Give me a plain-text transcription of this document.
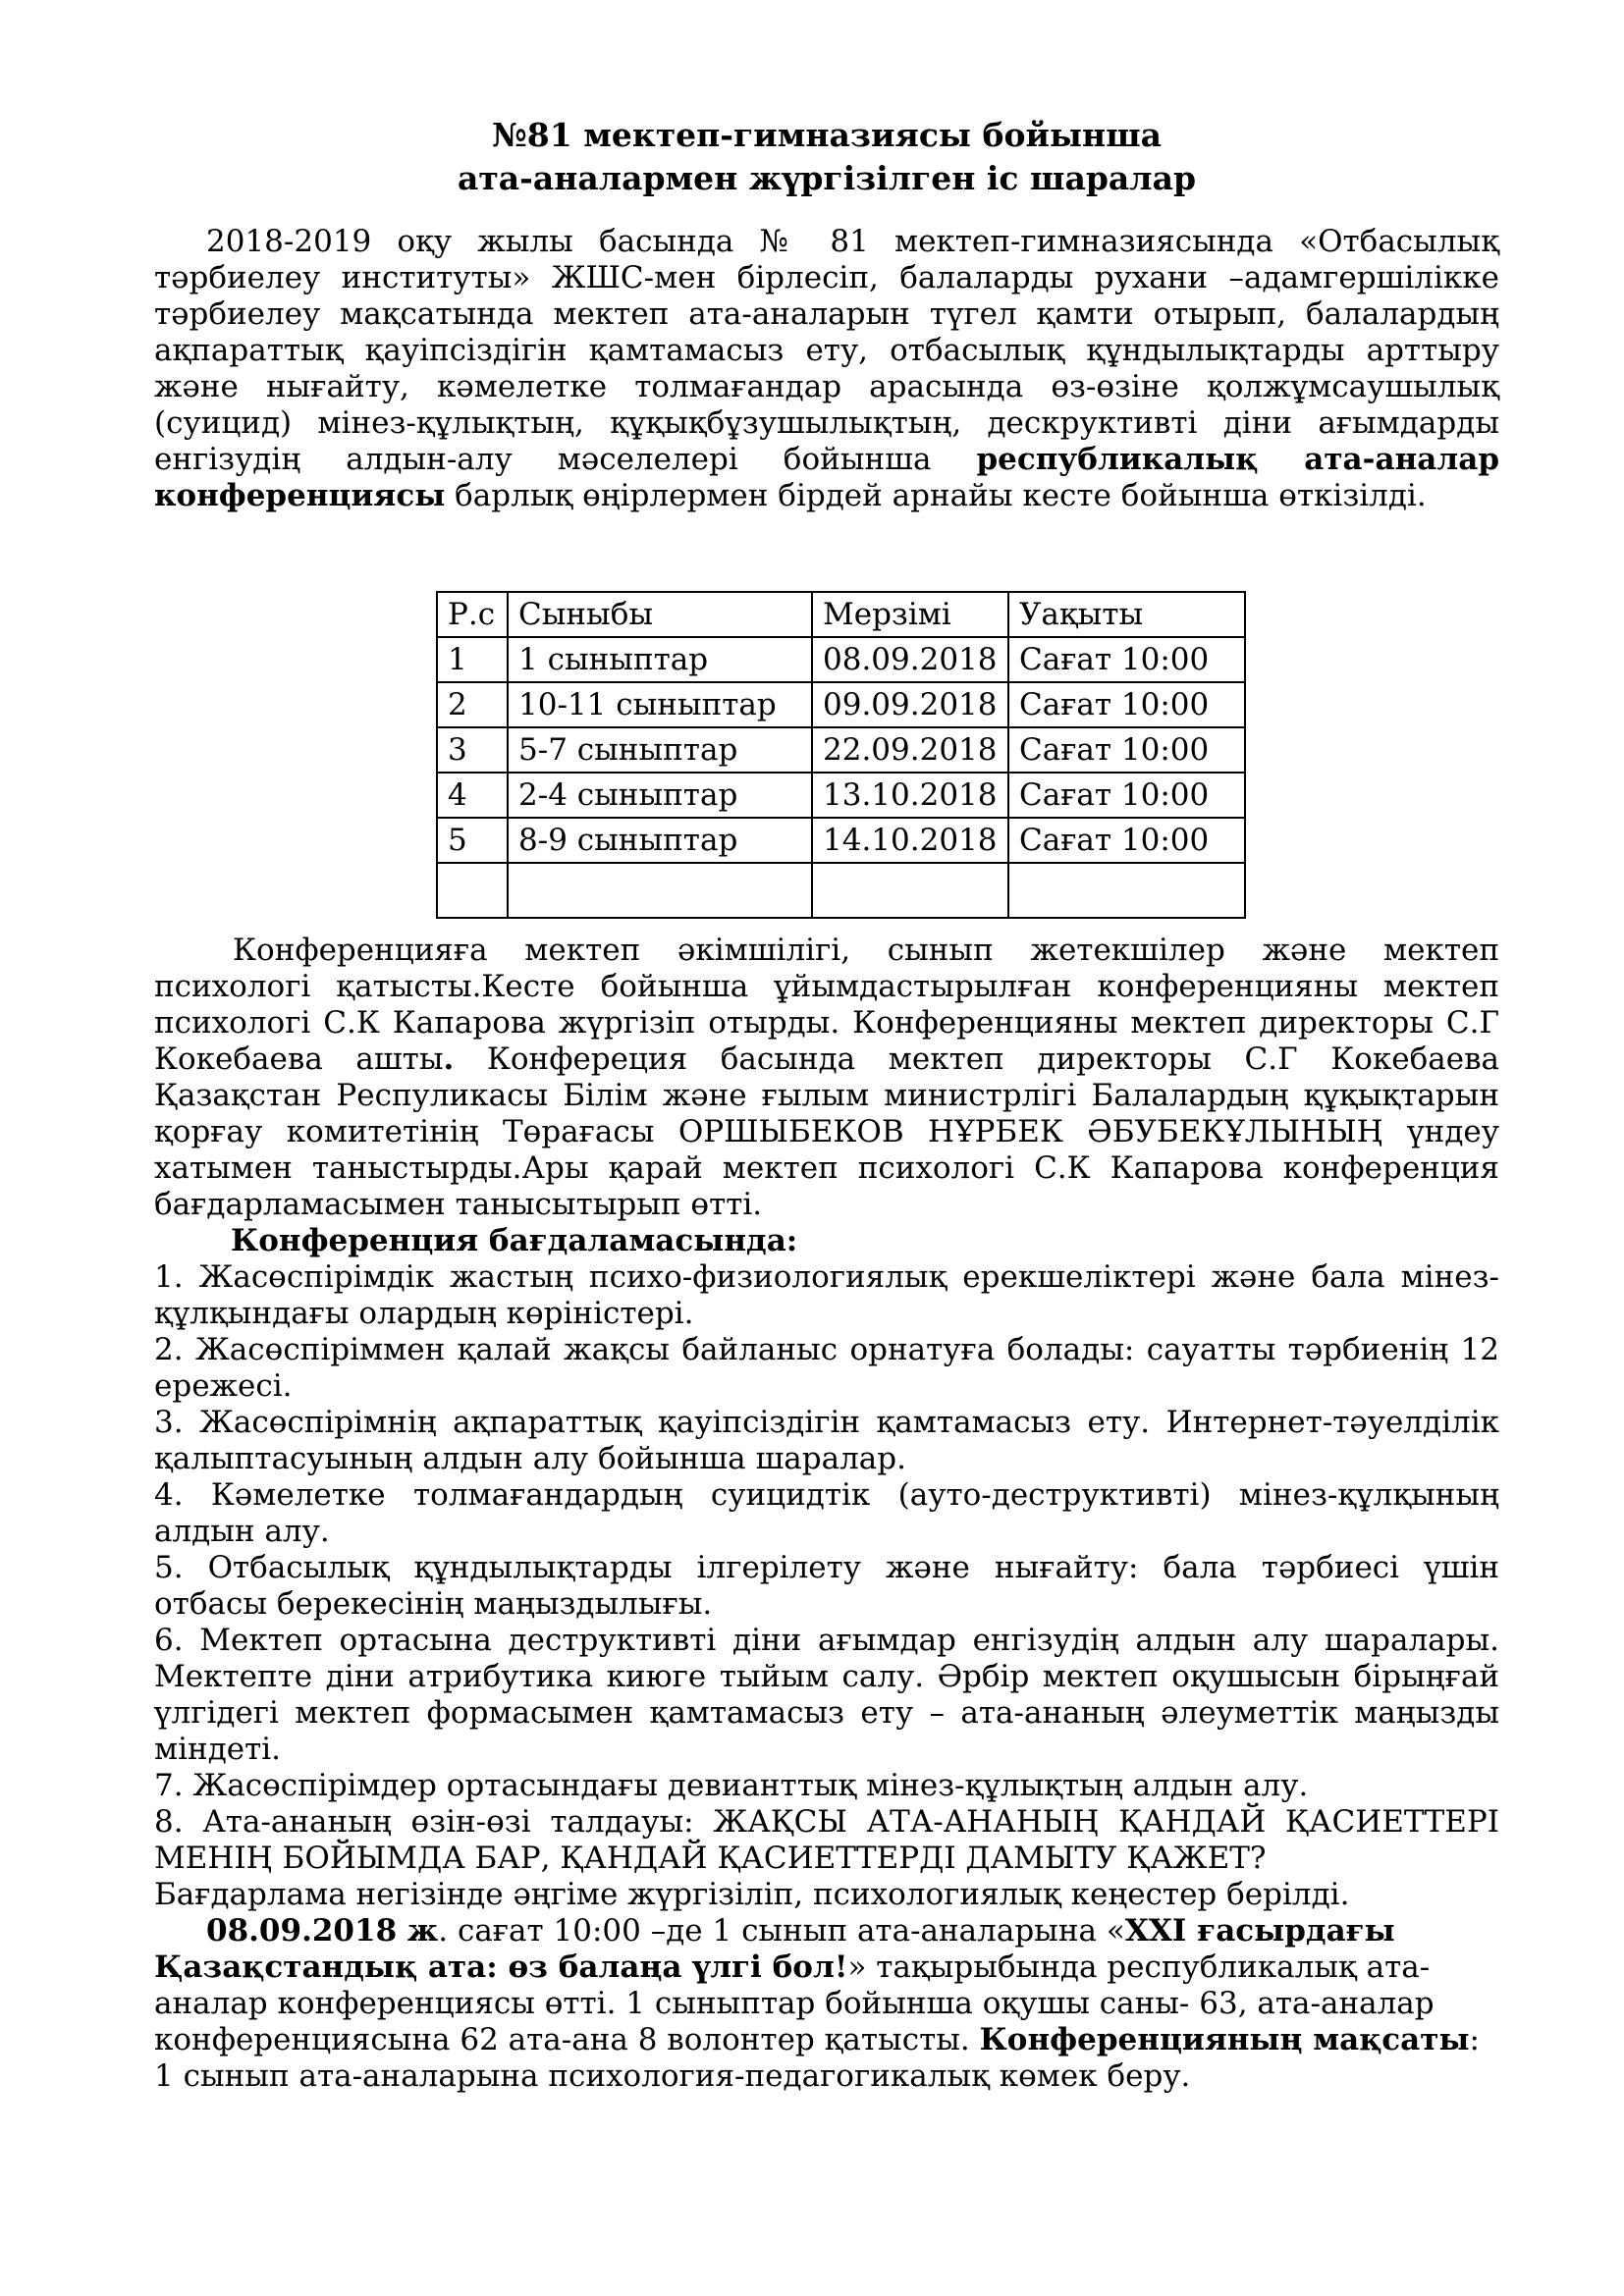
№81 мектеп-гимназиясы бойынша
ата-аналармен жүргізілген іс шаралар

2018-2019 оқу жылы басында № 81 мектеп-гимназиясында «Отбасылық тәрбиелеу институты» ЖШС-мен бірлесіп, балаларды рухани –адамгершілікке тәрбиелеу мақсатында мектеп ата-аналарын түгел қамти отырып, балалардың ақпараттық қауіпсіздігін қамтамасыз ету, отбасылық құндылықтарды арттыру және нығайту, кәмелетке толмағандар арасында өз-өзіне қолжұмсаушылық (суицид) мінез-құлықтың, құқықбұзушылықтың, дескруктивті діни ағымдарды енгізудің алдын-алу мәселелері бойынша республикалық ата-аналар конференциясы барлық өңірлермен бірдей арнайы кесте бойынша өткізілді.

Р.с	Сыныбы	Мерзімі	Уақыты
1	1 сыныптар	08.09.2018	Сағат 10:00
2	10-11 сыныптар	09.09.2018	Сағат 10:00
3	5-7 сыныптар	22.09.2018	Сағат 10:00
4	2-4 сыныптар	13.10.2018	Сағат 10:00
5	8-9 сыныптар	14.10.2018	Сағат 10:00

Конференцияға мектеп әкімшілігі, сынып жетекшілер және мектеп психологі қатысты.Кесте бойынша ұйымдастырылған конференцияны мектеп психологі С.К Капарова жүргізіп отырды. Конференцияны мектеп директоры С.Г Кокебаева ашты. Конфереция басында мектеп директоры С.Г Кокебаева Қазақстан Респуликасы Білім және ғылым министрлігі Балалардың құқықтарын қорғау комитетінің Төрағасы ОРШЫБЕКОВ НҰРБЕК ӘБУБЕКҰЛЫНЫҢ үндеу хатымен таныстырды.Ары қарай мектеп психологі С.К Капарова конференция бағдарламасымен танысытырып өтті.

Конференция бағдаламасында:

1. Жасөспірімдік жастың психо-физиологиялық ерекшеліктері және бала мінез-құлқындағы олардың көріністері.

2. Жасөспіріммен қалай жақсы байланыс орнатуға болады: сауатты тәрбиенің 12 ережесі.

3. Жасөспірімнің ақпараттық қауіпсіздігін қамтамасыз ету. Интернет-тәуелділік қалыптасуының алдын алу бойынша шаралар.

4. Кәмелетке толмағандардың суицидтік (ауто-деструктивті) мінез-құлқының алдын алу.

5. Отбасылық құндылықтарды ілгерілету және нығайту: бала тәрбиесі үшін отбасы берекесінің маңыздылығы.

6. Мектеп ортасына деструктивті діни ағымдар енгізудің алдын алу шаралары. Мектепте діни атрибутика киюге тыйым салу. Әрбір мектеп оқушысын бірыңғай үлгідегі мектеп формасымен қамтамасыз ету – ата-ананың әлеуметтік маңызды міндеті.

7. Жасөспірімдер ортасындағы девианттық мінез-құлықтың алдын алу.

8. Ата-ананың өзін-өзі талдауы: ЖАҚСЫ АТА-АНАНЫҢ ҚАНДАЙ ҚАСИЕТТЕРІ МЕНІҢ БОЙЫМДА БАР, ҚАНДАЙ ҚАСИЕТТЕРДІ ДАМЫТУ ҚАЖЕТ?

Бағдарлама негізінде әңгіме жүргізіліп, психологиялық кеңестер берілді.

08.09.2018 ж. сағат 10:00 –де 1 сынып ата-аналарына «ХХІ ғасырдағы Қазақстандық ата: өз балаңа үлгі бол!» тақырыбында республикалық ата-аналар конференциясы өтті. 1 сыныптар бойынша оқушы саны- 63, ата-аналар конференциясына 62 ата-ана 8 волонтер қатысты. Конференцияның мақсаты: 1 сынып ата-аналарына психология-педагогикалық көмек беру.
